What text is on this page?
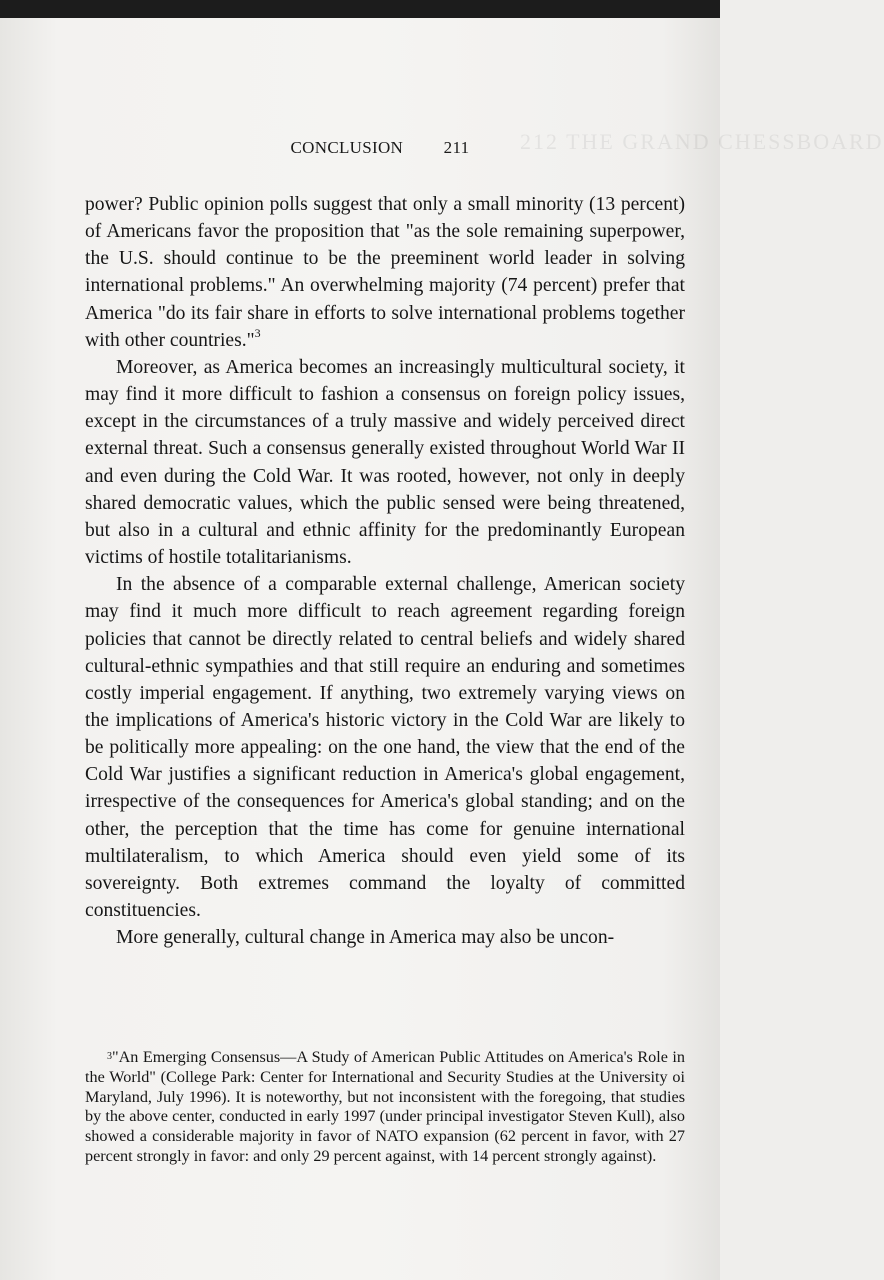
212 THE GRAND CHESSBOARD
CONCLUSION 211

power? Public opinion polls suggest that only a small minority (13 percent) of Americans favor the proposition that "as the sole remaining superpower, the U.S. should continue to be the preeminent world leader in solving international problems." An overwhelming majority (74 percent) prefer that America "do its fair share in efforts to solve international problems together with other countries."$^3$

Moreover, as America becomes an increasingly multicultural society, it may find it more difficult to fashion a consensus on foreign policy issues, except in the circumstances of a truly massive and widely perceived direct external threat. Such a consensus generally existed throughout World War II and even during the Cold War. It was rooted, however, not only in deeply shared democratic values, which the public sensed were being threatened, but also in a cultural and ethnic affinity for the predominantly European victims of hostile totalitarianisms.

In the absence of a comparable external challenge, American society may find it much more difficult to reach agreement regarding foreign policies that cannot be directly related to central beliefs and widely shared cultural-ethnic sympathies and that still require an enduring and sometimes costly imperial engagement. If anything, two extremely varying views on the implications of America's historic victory in the Cold War are likely to be politically more appealing: on the one hand, the view that the end of the Cold War justifies a significant reduction in America's global engagement, irrespective of the consequences for America's global standing; and on the other, the perception that the time has come for genuine international multilateralism, to which America should even yield some of its sovereignty. Both extremes command the loyalty of committed constituencies.

More generally, cultural change in America may also be uncon-

$^3$"An Emerging Consensus—A Study of American Public Attitudes on America's Role in the World" (College Park: Center for International and Security Studies at the University oi Maryland, July 1996). It is noteworthy, but not inconsistent with the foregoing, that studies by the above center, conducted in early 1997 (under principal investigator Steven Kull), also showed a considerable majority in favor of NATO expansion (62 percent in favor, with 27 percent strongly in favor: and only 29 percent against, with 14 percent strongly against).
